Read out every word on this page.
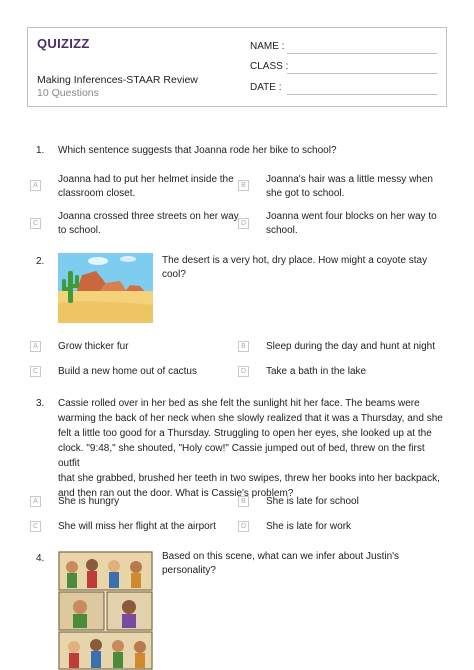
QUIZIZZ
Making Inferences-STAAR Review
10 Questions
NAME :
CLASS :
DATE :
1. Which sentence suggests that Joanna rode her bike to school?
A
Joanna had to put her helmet inside the
classroom closet.
B
Joanna's hair was a little messy when
she got to school.
C
Joanna crossed three streets on her way
to school.
D
Joanna went four blocks on her way to
school.
2.	The desert is a very hot, dry place. How might a coyote stay
cool?
A	Grow thicker fur	B	Sleep during the day and hunt at night
C Build a new home out of cactus	D Take a bath in the lake
3. Cassie rolled over in her bed as she felt the sunlight hit her face. The beams were
warming the back of her neck when she slowly realized that it was a Thursday, and she
felt a little too good for a Thursday. Struggling to open her eyes, she looked up at the
clock. "9:48," she shouted, "Holy cow!" Cassie jumped out of bed, threw on the first outfit
that she grabbed, brushed her teeth in two swipes, threw her books into her backpack,
and then ran out the door. What is Cassie's problem?
A	She is hungry	B	She is late for school
C She will miss her flight at the airport	D She is late for work
4.	Based on this scene, what can we infer about Justin's
personality?
